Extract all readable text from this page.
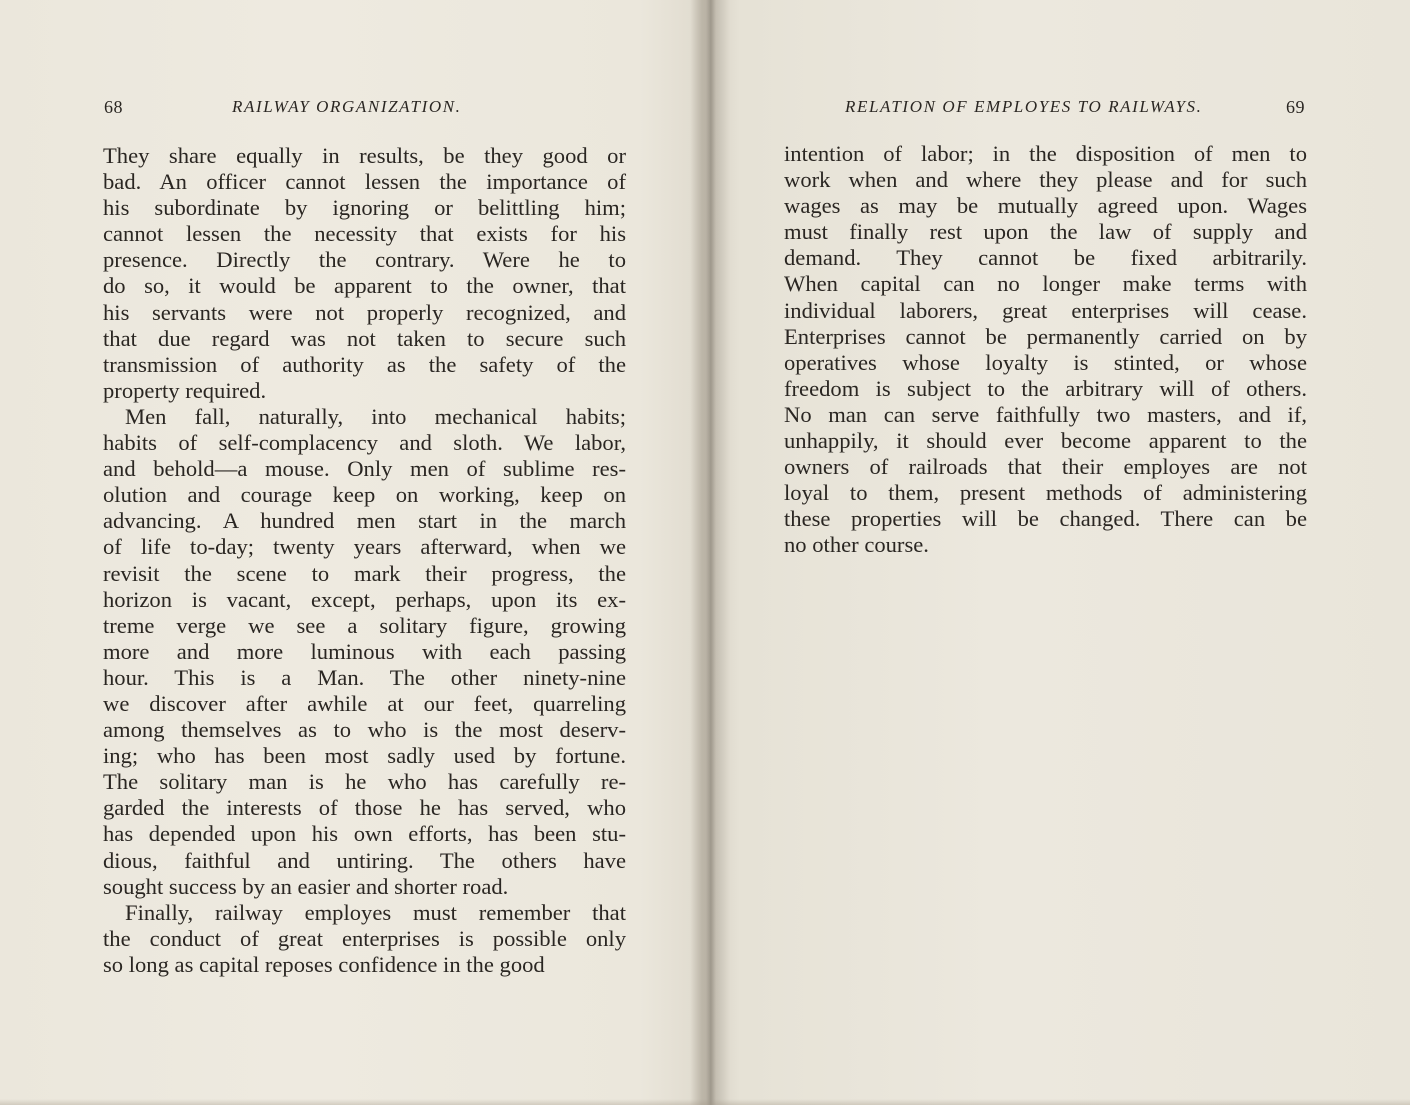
68	RAILWAY ORGANIZATION.

They share equally in results, be they good or
bad. An officer cannot lessen the importance of
his subordinate by ignoring or belittling him;
cannot lessen the necessity that exists for his
presence. Directly the contrary. Were he to
do so, it would be apparent to the owner, that
his servants were not properly recognized, and
that due regard was not taken to secure such
transmission of authority as the safety of the
property required.

Men fall, naturally, into mechanical habits;
habits of self-complacency and sloth. We labor,
and behold—a mouse. Only men of sublime res-
olution and courage keep on working, keep on
advancing. A hundred men start in the march
of life to-day; twenty years afterward, when we
revisit the scene to mark their progress, the
horizon is vacant, except, perhaps, upon its ex-
treme verge we see a solitary figure, growing
more and more luminous with each passing
hour. This is a Man. The other ninety-nine
we discover after awhile at our feet, quarreling
among themselves as to who is the most deserv-
ing; who has been most sadly used by fortune.
The solitary man is he who has carefully re-
garded the interests of those he has served, who
has depended upon his own efforts, has been stu-
dious, faithful and untiring. The others have
sought success by an easier and shorter road.

Finally, railway employes must remember that
the conduct of great enterprises is possible only
so long as capital reposes confidence in the good

RELATION OF EMPLOYES TO RAILWAYS.	69

intention of labor; in the disposition of men to
work when and where they please and for such
wages as may be mutually agreed upon. Wages
must finally rest upon the law of supply and
demand. They cannot be fixed arbitrarily.
When capital can no longer make terms with
individual laborers, great enterprises will cease.
Enterprises cannot be permanently carried on by
operatives whose loyalty is stinted, or whose
freedom is subject to the arbitrary will of others.
No man can serve faithfully two masters, and if,
unhappily, it should ever become apparent to the
owners of railroads that their employes are not
loyal to them, present methods of administering
these properties will be changed. There can be
no other course.
